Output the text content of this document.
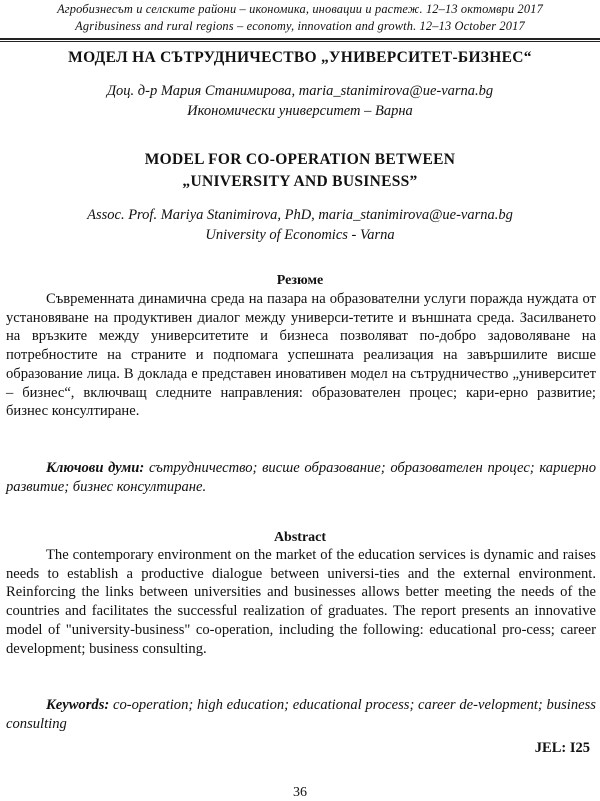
Агробизнесът и селските райони – икономика, иновации и растеж. 12–13 октомври 2017
Agribusiness and rural regions – economy, innovation and growth. 12–13 October 2017
МОДЕЛ НА СЪТРУДНИЧЕСТВО „УНИВЕРСИТЕТ-БИЗНЕС“
Доц. д-р Мария Станимирова, maria_stanimirova@ue-varna.bg
Икономически университет – Варна
MODEL FOR CO-OPERATION BETWEEN
„UNIVERSITY AND BUSINESS”
Assoc. Prof. Mariya Stanimirova, PhD, maria_stanimirova@ue-varna.bg
University of Economics - Varna
Резюме
Съвременната динамична среда на пазара на образователни услуги поражда нуждата от установяване на продуктивен диалог между универси-тетите и външната среда. Засилването на връзките между университетите и бизнеса позволяват по-добро задоволяване на потребностите на страните и подпомага успешната реализация на завършилите висше образование лица. В доклада е представен иновативен модел на сътрудничество „университет – бизнес“, включващ следните направления: образователен процес; кари-ерно развитие; бизнес консултиране.
Ключови думи: сътрудничество; висше образование; образователен процес; кариерно развитие; бизнес консултиране.
Abstract
The contemporary environment on the market of the education services is dynamic and raises needs to establish a productive dialogue between universi-ties and the external environment. Reinforcing the links between universities and businesses allows better meeting the needs of the countries and facilitates the successful realization of graduates. The report presents an innovative model of "university-business" co-operation, including the following: educational pro-cess; career development; business consulting.
Keywords: co-operation; high education; educational process; career de-velopment; business consulting
JEL: I25
36
